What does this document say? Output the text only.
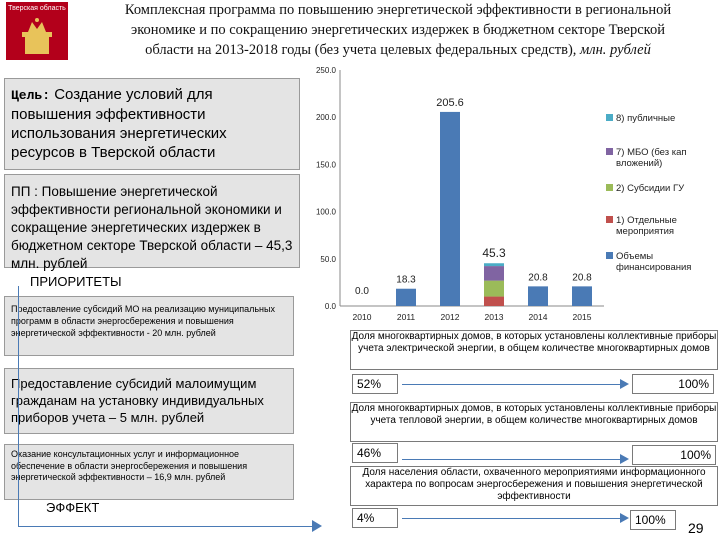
Тверская область	Комплексная программа по повышению энергетической эффективности в региональной
экономике и по сокращению энергетических издержек в бюджетном секторе Тверской
области на 2013-2018 годы (без учета целевых федеральных средств), млн. рублей
Цель: Создание условий для повышения эффективности использования энергетических ресурсов в Тверской области
ПП : Повышение энергетической эффективности региональной экономики и сокращение энергетических издержек в бюджетном секторе Тверской области – 45,3 млн. рублей
ПРИОРИТЕТЫ
Предоставление субсидий МО на реализацию муниципальных программ в области энергосбережения и повышения энергетической эффективности - 20 млн. рублей
Предоставление субсидий малоимущим гражданам на установку индивидуальных приборов учета – 5 млн. рублей
Оказание консультационных услуг и информационное обеспечение в области энергосбережения и повышения энергетической эффективности – 16,9 млн. рублей
ЭФФЕКТ
0.0
50.0
100.0
150.0
200.0
250.0
2010
0.0
2011
18.3
2012
205.6
2013
45.3
2014
20.8
2015
20.8
8) публичные
7) МБО (без кап вложений)
2) Субсидии ГУ
1) Отдельные мероприятия
Объемы финансирования
Доля многоквартирных домов, в которых установлены коллективные приборы учета электрической энергии, в общем количестве многоквартирных домов
52%	100%
Доля многоквартирных домов, в которых установлены коллективные приборы учета тепловой энергии, в общем количестве многоквартирных домов
46%	100%
Доля населения области, охваченного мероприятиями информационного характера по вопросам энергосбережения и повышения энергетической эффективности
4%	100%	29
